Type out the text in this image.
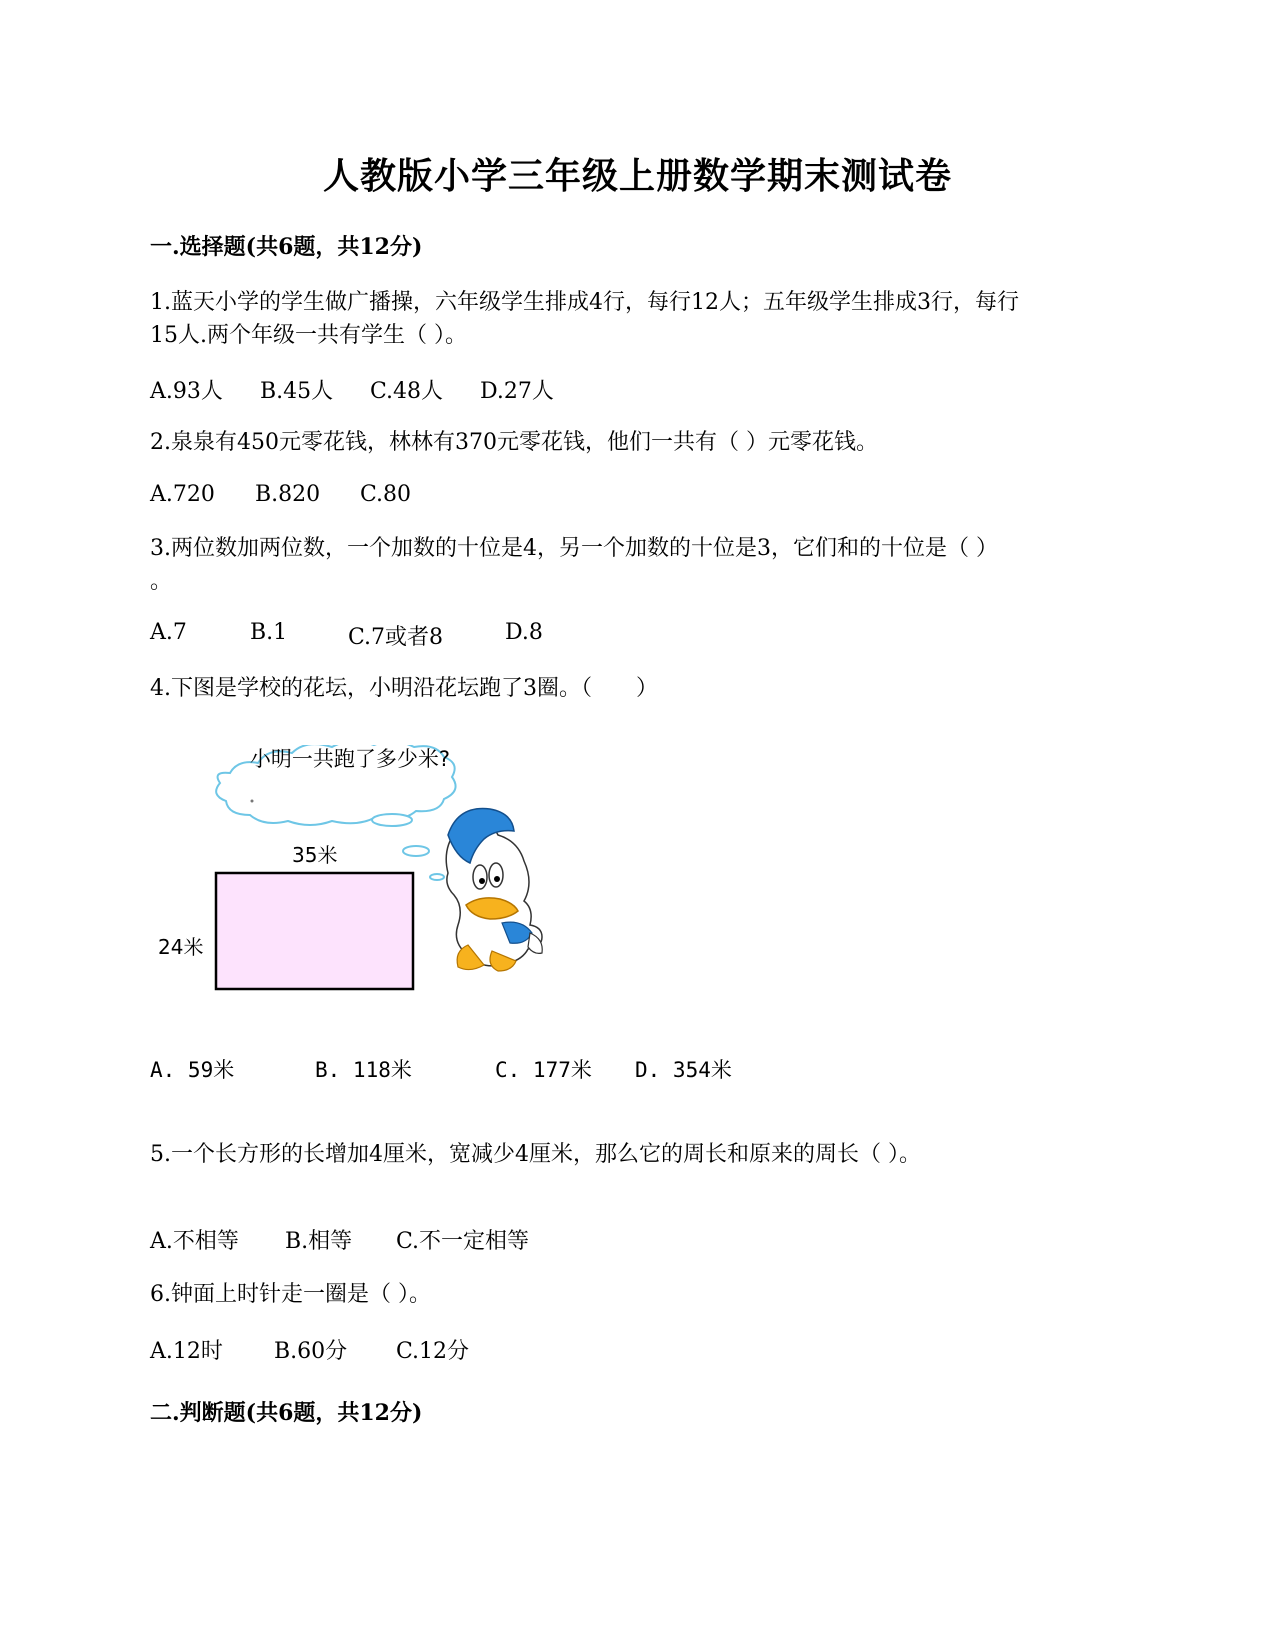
人教版小学三年级上册数学期末测试卷
一.选择题(共6题，共12分)
1.蓝天小学的学生做广播操，六年级学生排成4行，每行12人；五年级学生排成3行，每行
15人.两个年级一共有学生（ ）。
A.93人 B.45人 C.48人 D.27人
2.泉泉有450元零花钱，林林有370元零花钱，他们一共有（ ）元零花钱。
A.720 B.820 C.80
3.两位数加两位数，一个加数的十位是4，另一个加数的十位是3，它们和的十位是（ ）
。
A.7	B.1	C.7或者8	D.8
4.下图是学校的花坛，小明沿花坛跑了3圈。（　　）
小明一共跑了多少米?
35米
24米
A. 59米	B. 118米	C. 177米 D. 354米
5.一个长方形的长增加4厘米，宽减少4厘米，那么它的周长和原来的周长（ ）。
A.不相等 B.相等 C.不一定相等
6.钟面上时针走一圈是（ ）。
A.12时 B.60分 C.12分
二.判断题(共6题，共12分)
